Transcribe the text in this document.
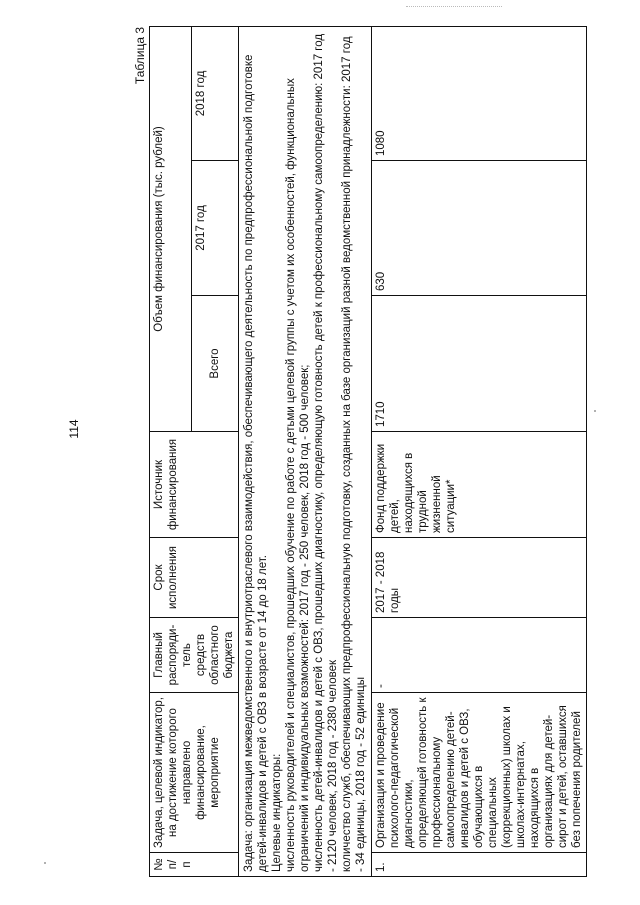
114
Таблица 3
№ п/п	Задача, целевой индикатор, на достижение которого направлено финансирование, мероприятие	Главный распоряди-тель средств областного бюджета	Срок исполнения	Источник финансирования	Объем финансирования (тыс. рублей)		
					Всего	2017 год	2018 год

Задача: организация межведомственного и внутриотраслевого взаимодействия, обеспечивающего деятельность по предпрофессиональной подготовке детей-инвалидов и детей с ОВЗ в возрасте от 14 до 18 лет. Целевые индикаторы: численность руководителей и специалистов, прошедших обучение по работе с детьми целевой группы с учетом их особенностей, функциональных ограничений и индивидуальных возможностей: 2017 год - 250 человек, 2018 год - 500 человек; численность детей-инвалидов и детей с ОВЗ, прошедших диагностику, определяющую готовность детей к профессиональному самоопределению: 2017 год - 2120 человек, 2018 год - 2380 человек количество служб, обеспечивающих предпрофессиональную подготовку, созданных на базе организаций разной ведомственной принадлежности: 2017 год - 34 единицы, 2018 год - 52 единицы							

1.	Организация и проведение психолого-педагогической диагностики, определяющей готовность к профессиональному самоопределению детей-инвалидов и детей с ОВЗ, обучающихся в специальных (коррекционных) школах и школах-интернатах, находящихся в организациях для детей-сирот и детей, оставшихся без попечения родителей	-	2017 - 2018 годы	Фонд поддержки детей, находящихся в трудной жизненной ситуации*	1710	630	1080
